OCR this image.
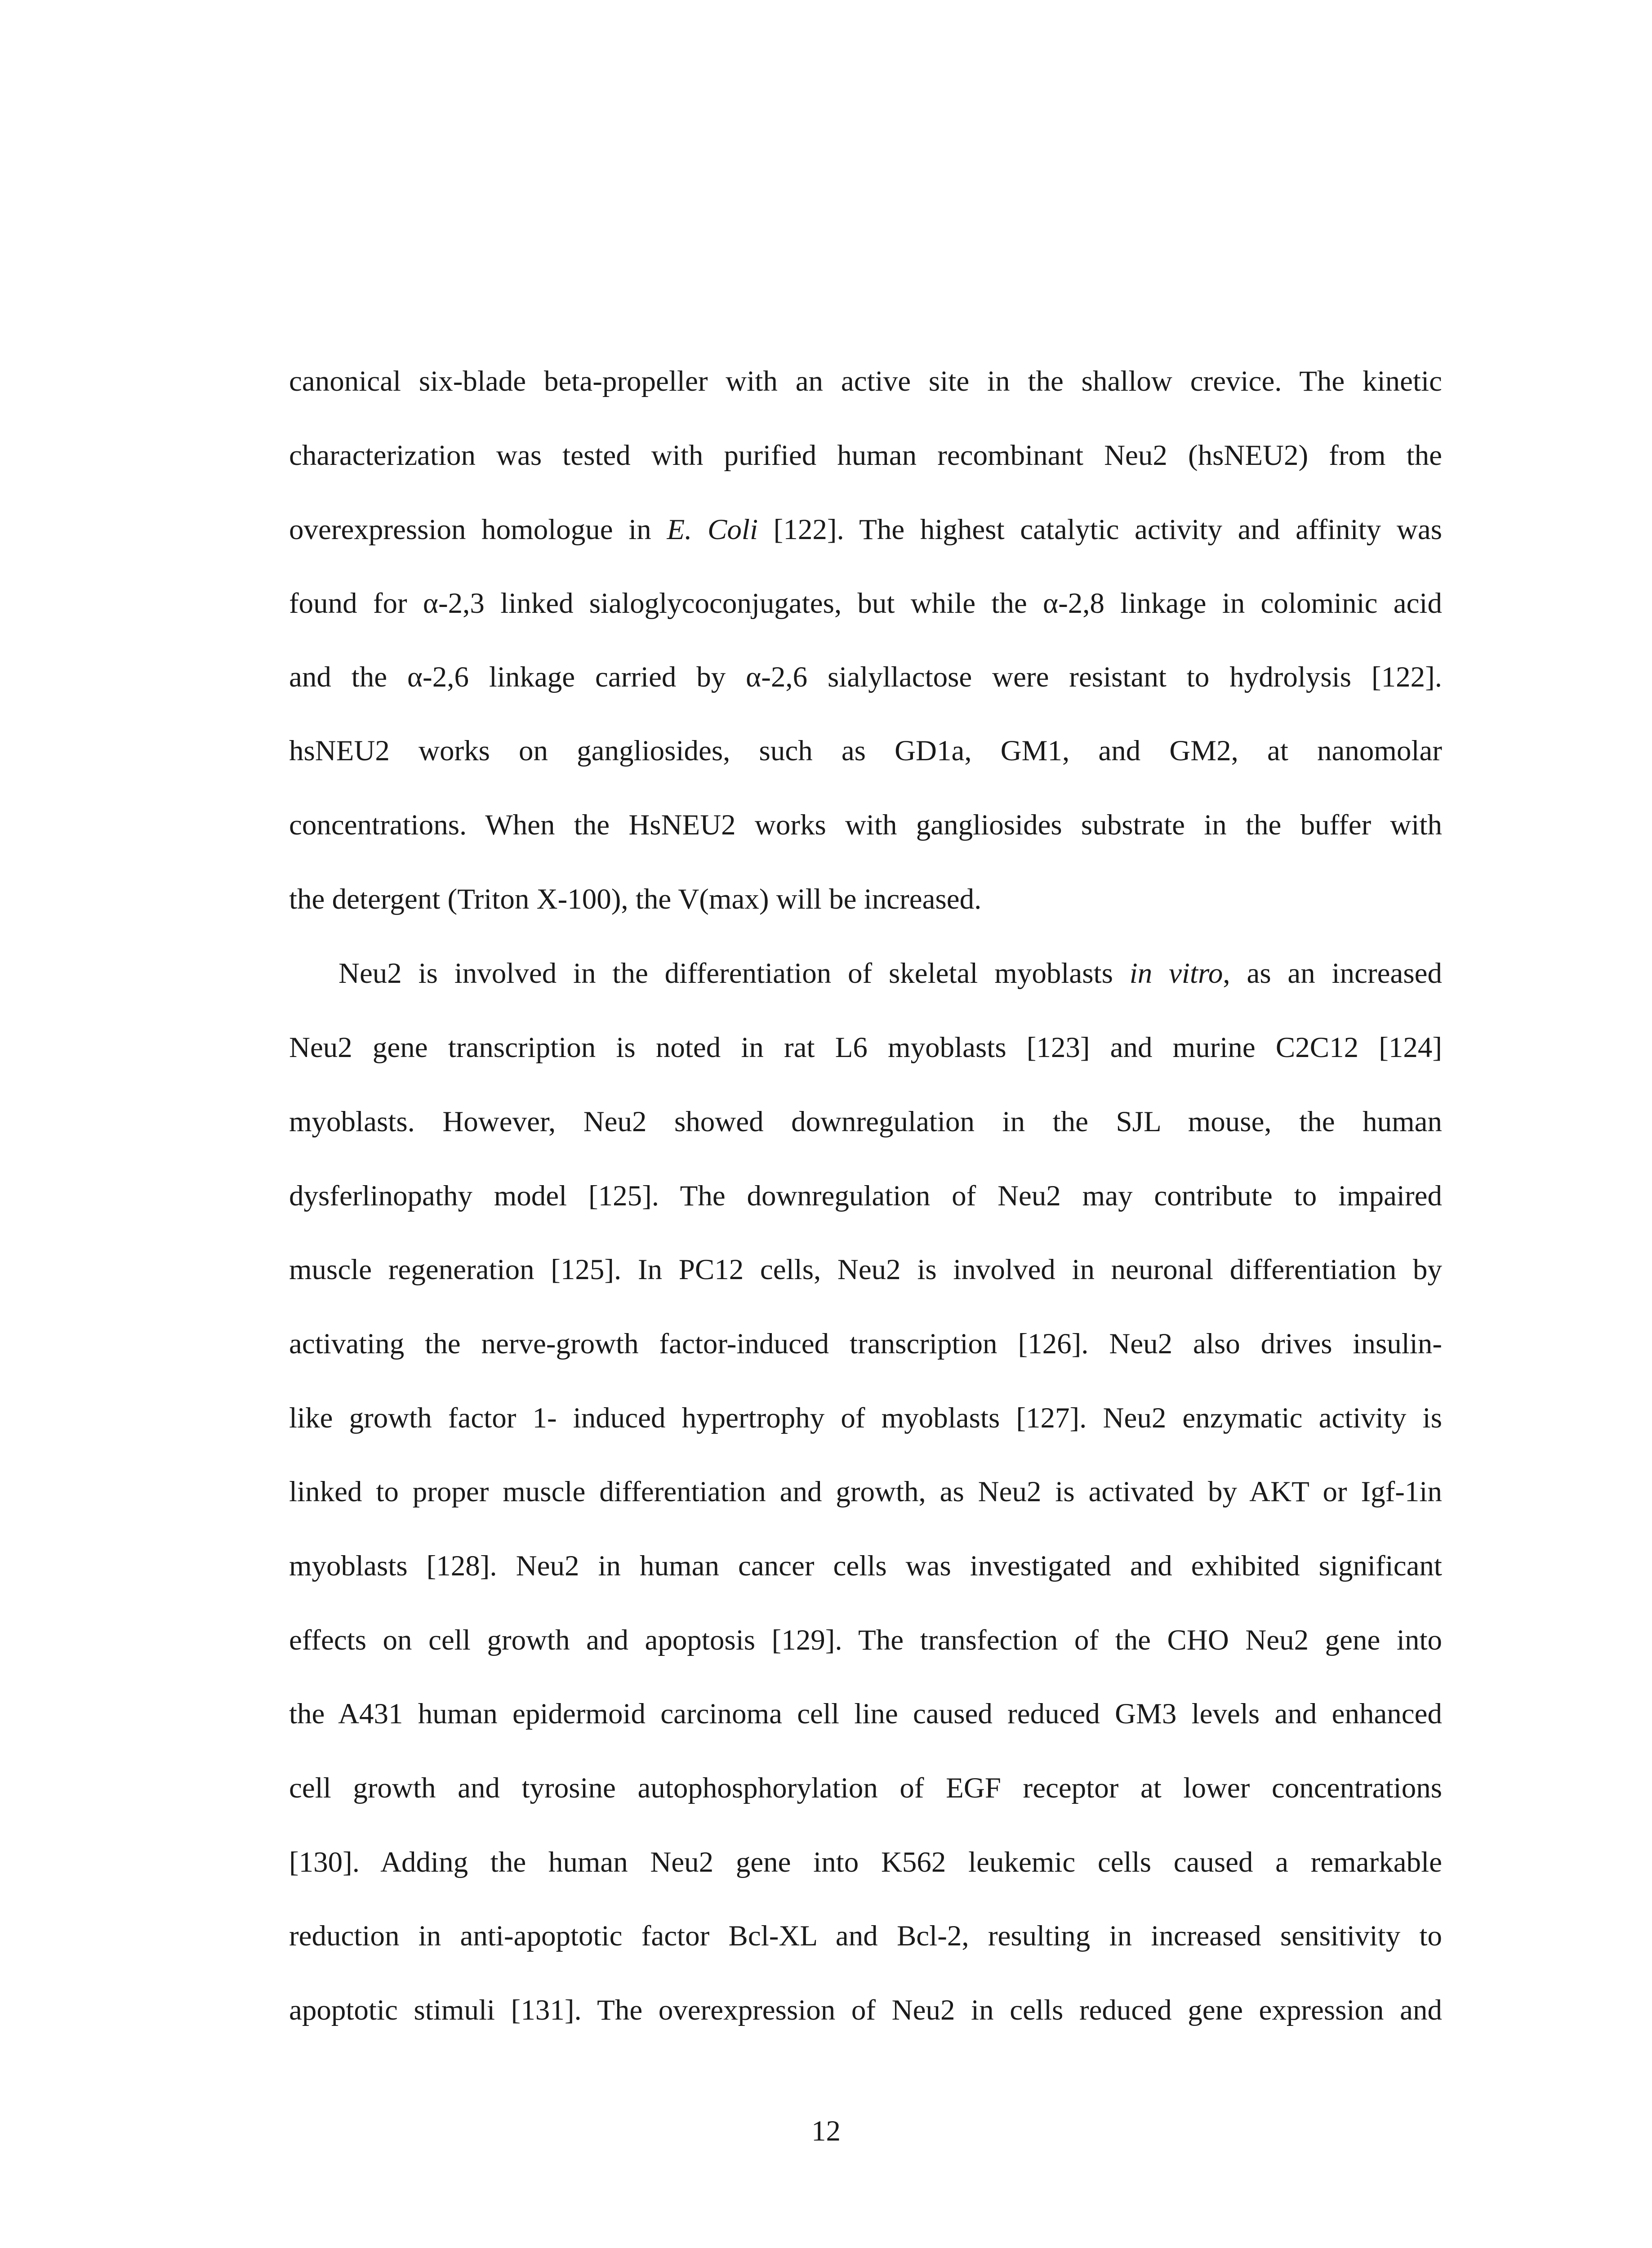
canonical six-blade beta-propeller with an active site in the shallow crevice. The kinetic
characterization was tested with purified human recombinant Neu2 (hsNEU2) from the
overexpression homologue in E. Coli [122]. The highest catalytic activity and affinity was
found for α-2,3 linked sialoglycoconjugates, but while the α-2,8 linkage in colominic acid
and the α-2,6 linkage carried by α-2,6 sialyllactose were resistant to hydrolysis [122].
hsNEU2 works on gangliosides, such as GD1a, GM1, and GM2, at nanomolar
concentrations. When the HsNEU2 works with gangliosides substrate in the buffer with
the detergent (Triton X-100), the V(max) will be increased.
Neu2 is involved in the differentiation of skeletal myoblasts in vitro, as an increased
Neu2 gene transcription is noted in rat L6 myoblasts [123] and murine C2C12 [124]
myoblasts. However, Neu2 showed downregulation in the SJL mouse, the human
dysferlinopathy model [125]. The downregulation of Neu2 may contribute to impaired
muscle regeneration [125]. In PC12 cells, Neu2 is involved in neuronal differentiation by
activating the nerve-growth factor-induced transcription [126]. Neu2 also drives insulin-
like growth factor 1- induced hypertrophy of myoblasts [127]. Neu2 enzymatic activity is
linked to proper muscle differentiation and growth, as Neu2 is activated by AKT or Igf-1in
myoblasts [128]. Neu2 in human cancer cells was investigated and exhibited significant
effects on cell growth and apoptosis [129]. The transfection of the CHO Neu2 gene into
the A431 human epidermoid carcinoma cell line caused reduced GM3 levels and enhanced
cell growth and tyrosine autophosphorylation of EGF receptor at lower concentrations
[130]. Adding the human Neu2 gene into K562 leukemic cells caused a remarkable
reduction in anti-apoptotic factor Bcl-XL and Bcl-2, resulting in increased sensitivity to
apoptotic stimuli [131]. The overexpression of Neu2 in cells reduced gene expression and
12
